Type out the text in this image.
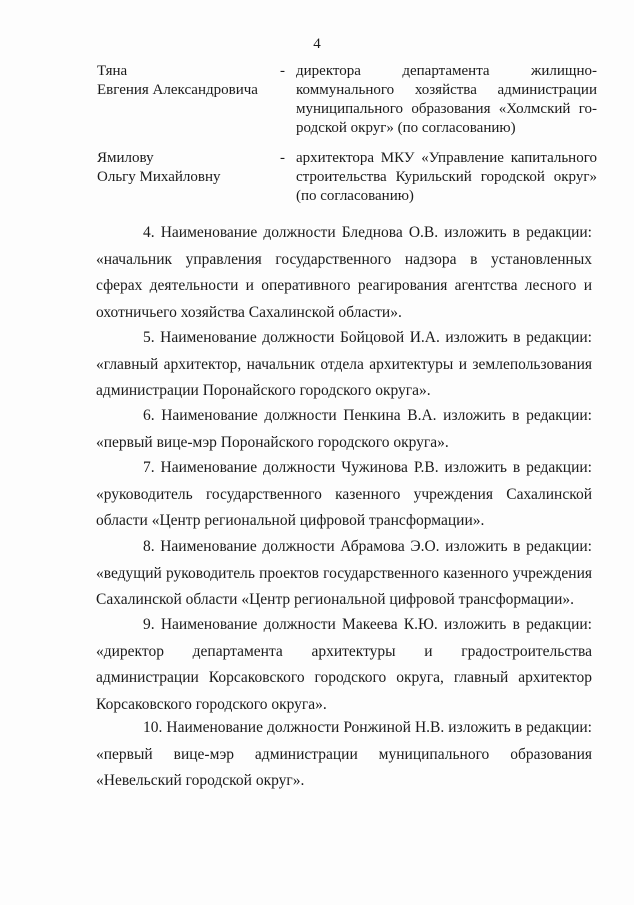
4
Тяна
Евгения Александровича
- директора департамента жилищно-
коммунального хозяйства администрации муниципального образования «Холмский го-родской округ» (по согласованию)
Ямилову
Ольгу Михайловну
- архитектора МКУ «Управление капитального
строительства Курильский городской округ» (по согласованию)

4. Наименование должности Бледнова О.В. изложить в редакции: «начальник управления государственного надзора в установленных сферах деятельности и оперативного реагирования агентства лесного и охотничьего хозяйства Сахалинской области».

5. Наименование должности Бойцовой И.А. изложить в редакции: «главный архитектор, начальник отдела архитектуры и землепользования администрации Поронайского городского округа».

6. Наименование должности Пенкина В.А. изложить в редакции: «первый вице-мэр Поронайского городского округа».

7. Наименование должности Чужинова Р.В. изложить в редакции: «руководитель государственного казенного учреждения Сахалинской области «Центр региональной цифровой трансформации».

8. Наименование должности Абрамова Э.О. изложить в редакции: «ведущий руководитель проектов государственного казенного учреждения Сахалинской области «Центр региональной цифровой трансформации».

9. Наименование должности Макеева К.Ю. изложить в редакции: «директор департамента архитектуры и градостроительства администрации Корсаковского городского округа, главный архитектор Корсаковского городского округа».

10. Наименование должности Ронжиной Н.В. изложить в редакции: «первый вице-мэр администрации муниципального образования «Невельский городской округ».
